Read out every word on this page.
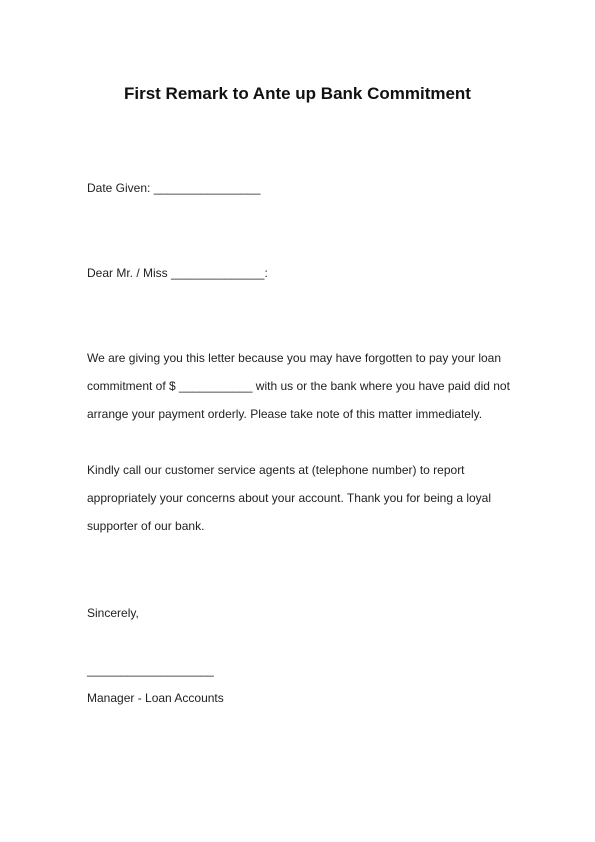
First Remark to Ante up Bank Commitment
Date Given: ________________
Dear Mr. / Miss ______________:
We are giving you this letter because you may have forgotten to pay your loan
commitment of $ ___________ with us or the bank where you have paid did not
arrange your payment orderly. Please take note of this matter immediately.
Kindly call our customer service agents at (telephone number) to report
appropriately your concerns about your account. Thank you for being a loyal
supporter of our bank.
Sincerely,
___________________
Manager - Loan Accounts
